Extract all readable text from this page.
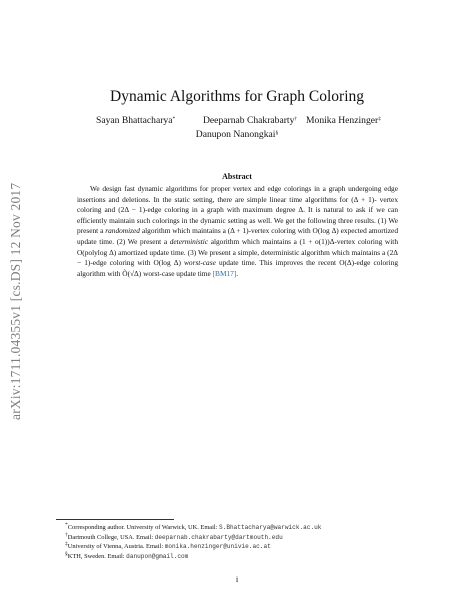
arXiv:1711.04355v1 [cs.DS] 12 Nov 2017
Dynamic Algorithms for Graph Coloring
Sayan Bhattacharya*	Deeparnab Chakrabarty† Monika Henzinger‡
Danupon Nanongkai§
Abstract

We design fast dynamic algorithms for proper vertex and edge colorings in a graph undergoing edge insertions and deletions. In the static setting, there are simple linear time algorithms for (Δ + 1)- vertex coloring and (2Δ − 1)-edge coloring in a graph with maximum degree Δ. It is natural to ask if we can efficiently maintain such colorings in the dynamic setting as well. We get the following three results. (1) We present a randomized algorithm which maintains a (Δ + 1)-vertex coloring with O(log Δ) expected amortized update time. (2) We present a deterministic algorithm which maintains a (1 + o(1))Δ-vertex coloring with O(polylog Δ) amortized update time. (3) We present a simple, deterministic algorithm which maintains a (2Δ − 1)-edge coloring with O(log Δ) worst-case update time. This improves the recent O(Δ)-edge coloring algorithm with Õ(√Δ) worst-case update time [BM17].

*Corresponding author. University of Warwick, UK. Email: S.Bhattacharya@warwick.ac.uk
†Dartmouth College, USA. Email: deeparnab.chakrabarty@dartmouth.edu
‡University of Vienna, Austria. Email: monika.henzinger@univie.ac.at
§KTH, Sweden. Email: danupon@gmail.com
i
